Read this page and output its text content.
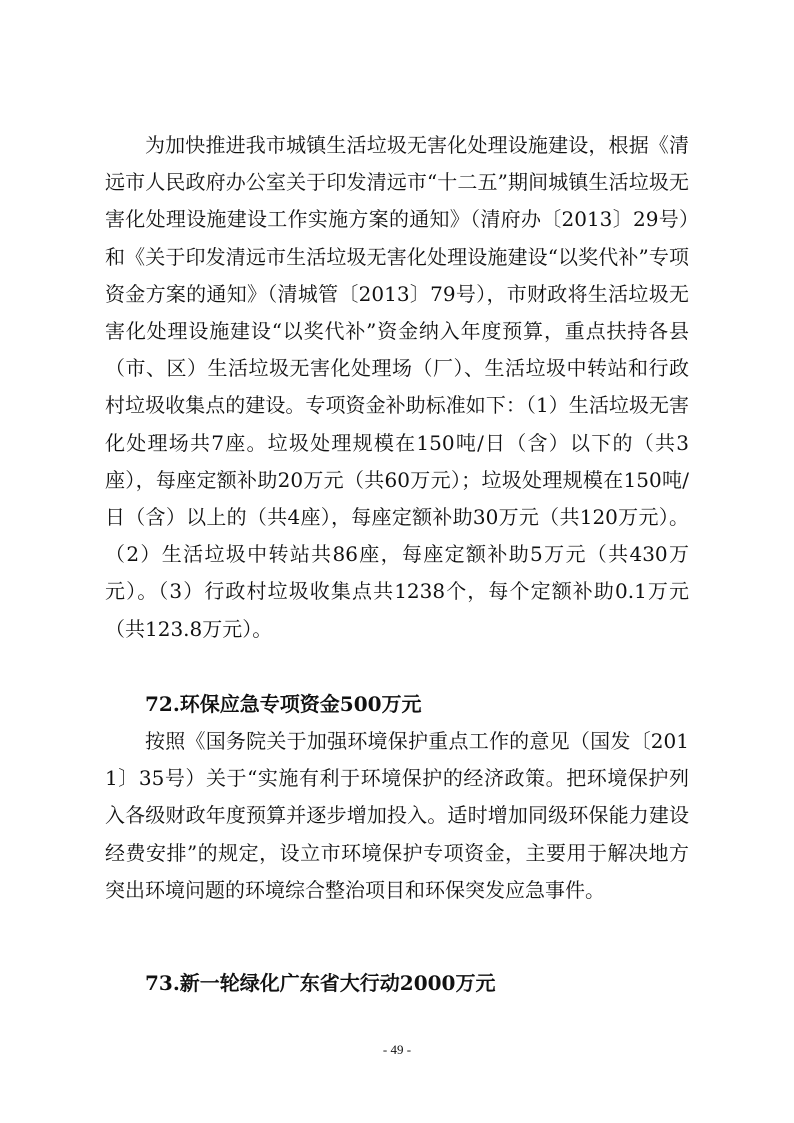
为加快推进我市城镇生活垃圾无害化处理设施建设，根据《清远市人民政府办公室关于印发清远市“十二五”期间城镇生活垃圾无害化处理设施建设工作实施方案的通知》（清府办〔2013〕29号）和《关于印发清远市生活垃圾无害化处理设施建设“以奖代补”专项资金方案的通知》（清城管〔2013〕79号），市财政将生活垃圾无害化处理设施建设“以奖代补”资金纳入年度预算，重点扶持各县（市、区）生活垃圾无害化处理场（厂）、生活垃圾中转站和行政村垃圾收集点的建设。专项资金补助标准如下：（1）生活垃圾无害化处理场共7座。垃圾处理规模在150吨/日（含）以下的（共3座），每座定额补助20万元（共60万元）；垃圾处理规模在150吨/日（含）以上的（共4座），每座定额补助30万元（共120万元）。（2）生活垃圾中转站共86座，每座定额补助5万元（共430万元）。（3）行政村垃圾收集点共1238个，每个定额补助0.1万元（共123.8万元）。

72.环保应急专项资金500万元

按照《国务院关于加强环境保护重点工作的意见（国发〔2011〕35号）关于“实施有利于环境保护的经济政策。把环境保护列入各级财政年度预算并逐步增加投入。适时增加同级环保能力建设经费安排”的规定，设立市环境保护专项资金，主要用于解决地方突出环境问题的环境综合整治项目和环保突发应急事件。

73.新一轮绿化广东省大行动2000万元
- 49 -
